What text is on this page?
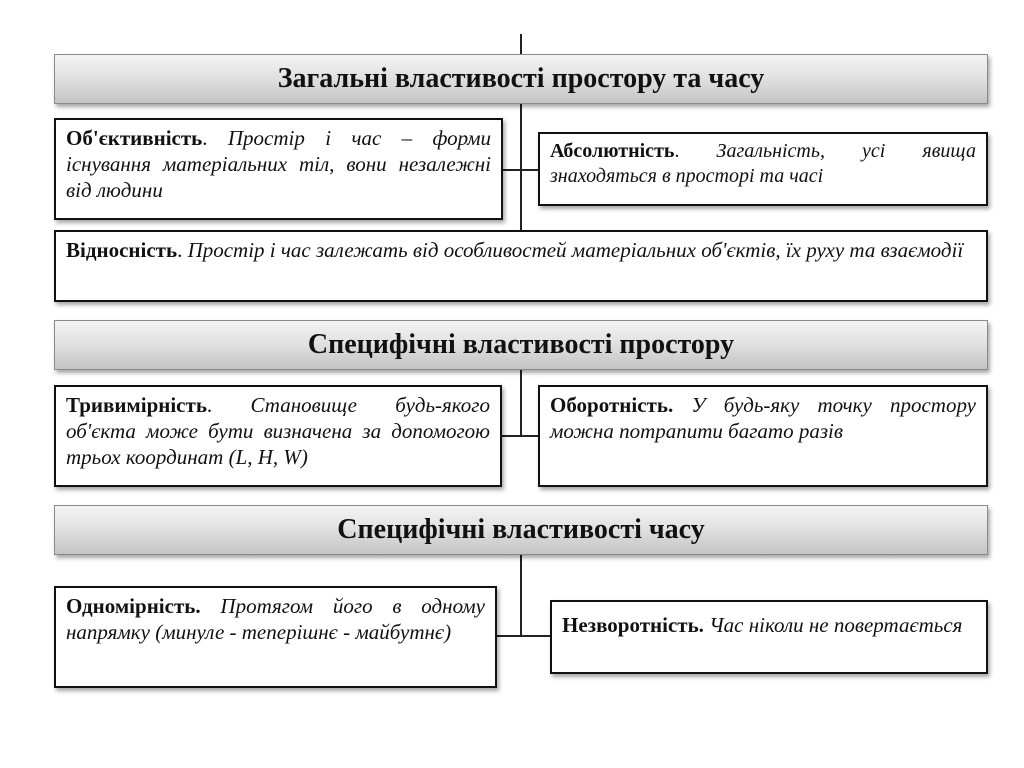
Загальні властивості простору та часу
Об'єктивність. Простір і час – форми існування матеріальних тіл, вони незалежні від людини
Абсолютність. Загальність, усі явища знаходяться в просторі та часі
Відносність. Простір і час залежать від особливостей матеріальних об'єктів, їх руху та взаємодії
Специфічні властивості простору
Тривимірність. Становище будь-якого об'єкта може бути визначена за допомогою трьох координат (L, H, W)
Оборотність. У будь-яку точку простору можна потрапити багато разів
Специфічні властивості часу
Одномірність. Протягом його в одному напрямку (минуле - теперішнє - майбутнє)	Незворотність. Час ніколи не повертається
